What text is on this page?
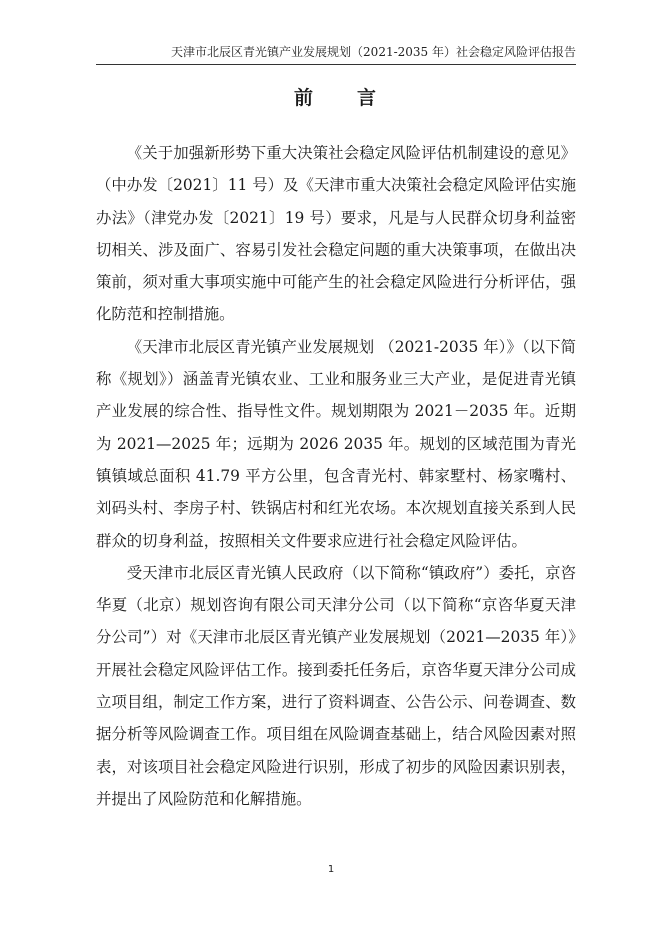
天津市北辰区青光镇产业发展规划（2021-2035 年）社会稳定风险评估报告
前　　言

《关于加强新形势下重大决策社会稳定风险评估机制建设的意见》（中办发〔2021〕11 号）及《天津市重大决策社会稳定风险评估实施办法》（津党办发〔2021〕19 号）要求，凡是与人民群众切身利益密切相关、涉及面广、容易引发社会稳定问题的重大决策事项，在做出决策前，须对重大事项实施中可能产生的社会稳定风险进行分析评估，强化防范和控制措施。

《天津市北辰区青光镇产业发展规划 （2021-2035 年）》（以下简称《规划》）涵盖青光镇农业、工业和服务业三大产业，是促进青光镇产业发展的综合性、指导性文件。规划期限为 2021－2035 年。近期为 2021—2025 年；远期为 2026 2035 年。规划的区域范围为青光镇镇域总面积 41.79 平方公里，包含青光村、韩家墅村、杨家嘴村、刘码头村、李房子村、铁锅店村和红光农场。本次规划直接关系到人民群众的切身利益，按照相关文件要求应进行社会稳定风险评估。

受天津市北辰区青光镇人民政府（以下简称“镇政府”）委托，京咨华夏（北京）规划咨询有限公司天津分公司（以下简称“京咨华夏天津分公司”）对《天津市北辰区青光镇产业发展规划（2021—2035 年）》开展社会稳定风险评估工作。接到委托任务后，京咨华夏天津分公司成立项目组，制定工作方案，进行了资料调查、公告公示、问卷调查、数据分析等风险调查工作。项目组在风险调查基础上，结合风险因素对照表，对该项目社会稳定风险进行识别，形成了初步的风险因素识别表，并提出了风险防范和化解措施。

1
